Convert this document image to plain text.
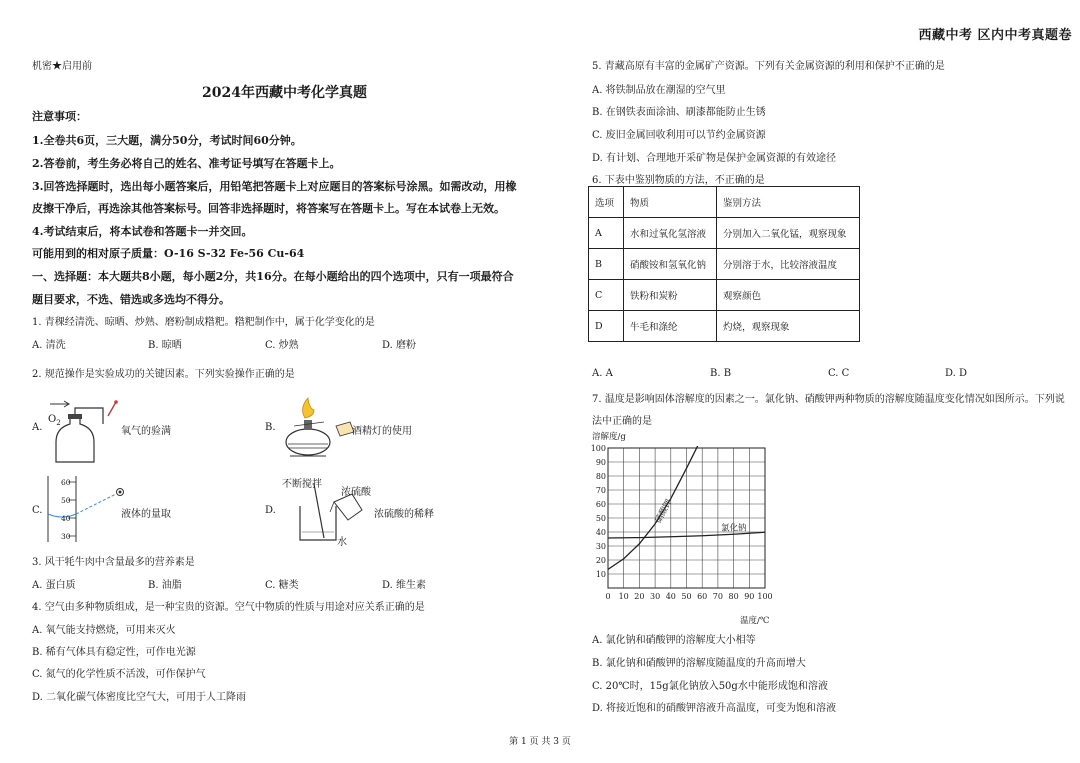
西藏中考 区内中考真题卷
机密★启用前
2024年西藏中考化学真题
注意事项：
1.全卷共6页，三大题，满分50分，考试时间60分钟。
2.答卷前，考生务必将自己的姓名、准考证号填写在答题卡上。
3.回答选择题时，选出每小题答案后，用铅笔把答题卡上对应题目的答案标号涂黑。如需改动，用橡
皮擦干净后，再选涂其他答案标号。回答非选择题时，将答案写在答题卡上。写在本试卷上无效。
4.考试结束后，将本试卷和答题卡一并交回。
可能用到的相对原子质量：O-16 S-32 Fe-56 Cu-64
一、选择题：本大题共8小题，每小题2分，共16分。在每小题给出的四个选项中，只有一项最符合
题目要求，不选、错选或多选均不得分。
1. 青稞经清洗、晾晒、炒熟、磨粉制成糌粑。糌粑制作中，属于化学变化的是
A. 清洗	B. 晾晒	C. 炒熟	D. 磨粉
2. 规范操作是实验成功的关键因素。下列实验操作正确的是
A.
$O_2$
氧气的验满	B.	酒精灯的使用
C.
60
50
40
30
液体的量取	D.
不断搅拌
浓硫酸
水
浓硫酸的稀释
3. 风干牦牛肉中含量最多的营养素是
A. 蛋白质	B. 油脂	C. 糖类	D. 维生素
4. 空气由多种物质组成，是一种宝贵的资源。空气中物质的性质与用途对应关系正确的是
A. 氧气能支持燃烧，可用来灭火
B. 稀有气体具有稳定性，可作电光源
C. 氮气的化学性质不活泼，可作保护气
D. 二氧化碳气体密度比空气大，可用于人工降雨
5. 青藏高原有丰富的金属矿产资源。下列有关金属资源的利用和保护不正确的是
A. 将铁制品放在潮湿的空气里
B. 在钢铁表面涂油、刷漆都能防止生锈
C. 废旧金属回收利用可以节约金属资源
D. 有计划、合理地开采矿物是保护金属资源的有效途径
6. 下表中鉴别物质的方法，不正确的是
选项	物质	鉴别方法
A	水和过氧化氢溶液	分别加入二氧化锰，观察现象
B	硝酸铵和氢氧化钠	分别溶于水，比较溶液温度
C	铁粉和炭粉	观察颜色
D	牛毛和涤纶	灼烧，观察现象
A. A	B. B	C. C	D. D
7. 温度是影响固体溶解度的因素之一。氯化钠、硝酸钾两种物质的溶解度随温度变化情况如图所示。下列说
法中正确的是
0 10 20 30 40 50 60 70 80 90 100
10
20
30
40
50
60
70
80
90
100
溶解度/g
温度/℃
硝酸钾
氯化钠
A. 氯化钠和硝酸钾的溶解度大小相等
B. 氯化钠和硝酸钾的溶解度随温度的升高而增大
C. 20℃时，15g氯化钠放入50g水中能形成饱和溶液
D. 将接近饱和的硝酸钾溶液升高温度，可变为饱和溶液
第 1 页 共 3 页
